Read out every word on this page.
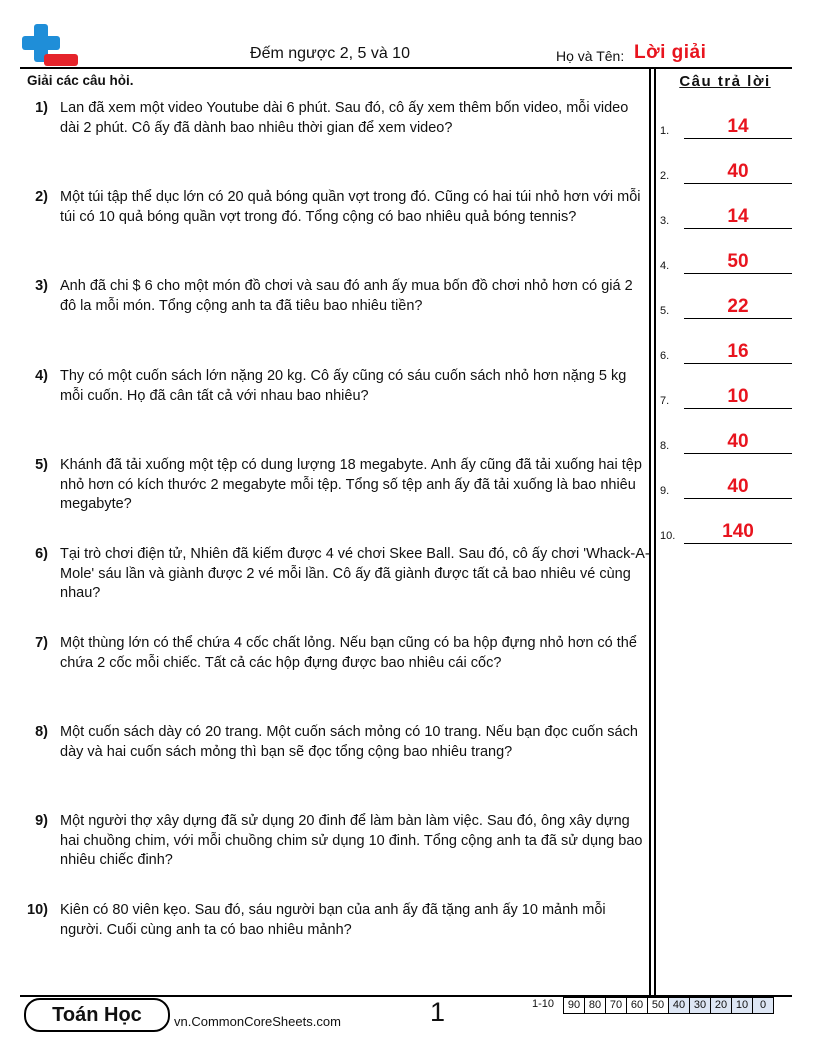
Đếm ngược 2, 5 và 10	Họ và Tên: Lời giải
Giải các câu hỏi.	Câu trả lời
1) Lan đã xem một video Youtube dài 6 phút. Sau đó, cô ấy xem thêm bốn video, mỗi video dài 2 phút. Cô ấy đã dành bao nhiêu thời gian để xem video?
2) Một túi tập thể dục lớn có 20 quả bóng quần vợt trong đó. Cũng có hai túi nhỏ hơn với mỗi túi có 10 quả bóng quần vợt trong đó. Tổng cộng có bao nhiêu quả bóng tennis?
3) Anh đã chi $ 6 cho một món đồ chơi và sau đó anh ấy mua bốn đồ chơi nhỏ hơn có giá 2 đô la mỗi món. Tổng cộng anh ta đã tiêu bao nhiêu tiền?
4) Thy có một cuốn sách lớn nặng 20 kg. Cô ấy cũng có sáu cuốn sách nhỏ hơn nặng 5 kg mỗi cuốn. Họ đã cân tất cả với nhau bao nhiêu?
5) Khánh đã tải xuống một tệp có dung lượng 18 megabyte. Anh ấy cũng đã tải xuống hai tệp nhỏ hơn có kích thước 2 megabyte mỗi tệp. Tổng số tệp anh ấy đã tải xuống là bao nhiêu megabyte?
6) Tại trò chơi điện tử, Nhiên đã kiếm được 4 vé chơi Skee Ball. Sau đó, cô ấy chơi 'Whack-A-Mole' sáu lần và giành được 2 vé mỗi lần. Cô ấy đã giành được tất cả bao nhiêu vé cùng nhau?
7) Một thùng lớn có thể chứa 4 cốc chất lỏng. Nếu bạn cũng có ba hộp đựng nhỏ hơn có thể chứa 2 cốc mỗi chiếc. Tất cả các hộp đựng được bao nhiêu cái cốc?
8) Một cuốn sách dày có 20 trang. Một cuốn sách mỏng có 10 trang. Nếu bạn đọc cuốn sách dày và hai cuốn sách mỏng thì bạn sẽ đọc tổng cộng bao nhiêu trang?
9) Một người thợ xây dựng đã sử dụng 20 đinh để làm bàn làm việc. Sau đó, ông xây dựng hai chuồng chim, với mỗi chuồng chim sử dụng 10 đinh. Tổng cộng anh ta đã sử dụng bao nhiêu chiếc đinh?
10) Kiên có 80 viên kẹo. Sau đó, sáu người bạn của anh ấy đã tặng anh ấy 10 mảnh mỗi người. Cuối cùng anh ta có bao nhiêu mảnh?
1.	14
2.	40
3.	14
4.	50
5.	22
6.	16
7.	10
8.	40
9.	40
10.	140
Toán Học	vn.CommonCoreSheets.com	1	1-10	90 80 70 60 50 40 30 20 10	0
